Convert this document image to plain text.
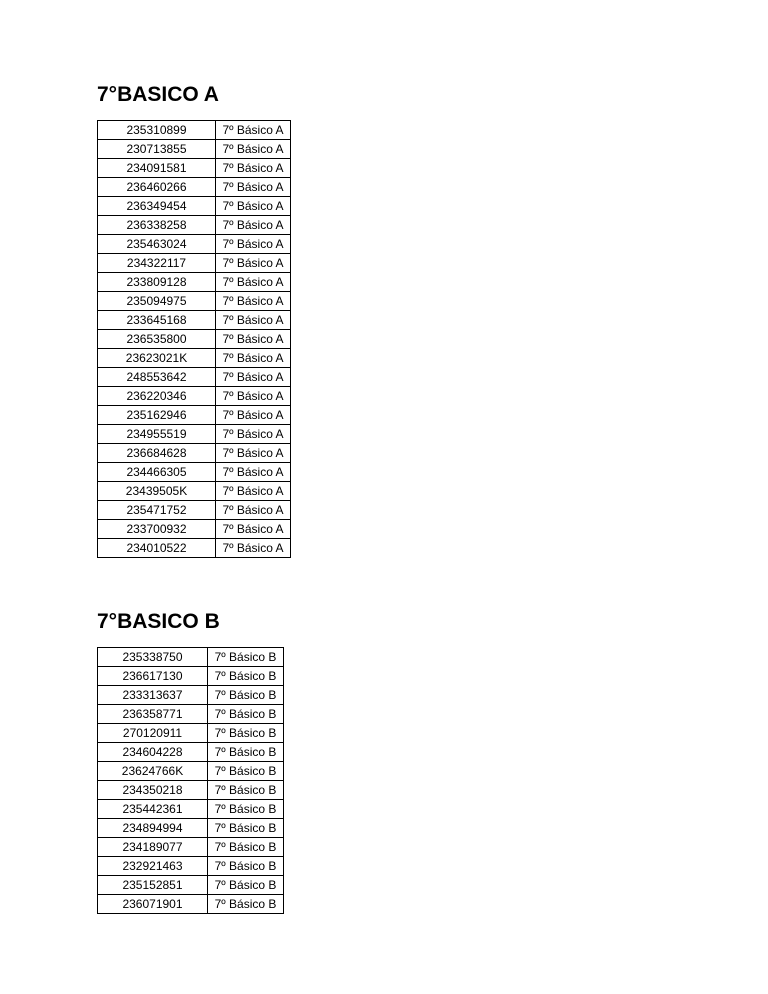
7°BASICO A
235310899	7º Básico A
230713855	7º Básico A
234091581	7º Básico A
236460266	7º Básico A
236349454	7º Básico A
236338258	7º Básico A
235463024	7º Básico A
234322117	7º Básico A
233809128	7º Básico A
235094975	7º Básico A
233645168	7º Básico A
236535800	7º Básico A
23623021K	7º Básico A
248553642	7º Básico A
236220346	7º Básico A
235162946	7º Básico A
234955519	7º Básico A
236684628	7º Básico A
234466305	7º Básico A
23439505K	7º Básico A
235471752	7º Básico A
233700932	7º Básico A
234010522	7º Básico A
7°BASICO B
235338750	7º Básico B
236617130	7º Básico B
233313637	7º Básico B
236358771	7º Básico B
270120911	7º Básico B
234604228	7º Básico B
23624766K	7º Básico B
234350218	7º Básico B
235442361	7º Básico B
234894994	7º Básico B
234189077	7º Básico B
232921463	7º Básico B
235152851	7º Básico B
236071901	7º Básico B
